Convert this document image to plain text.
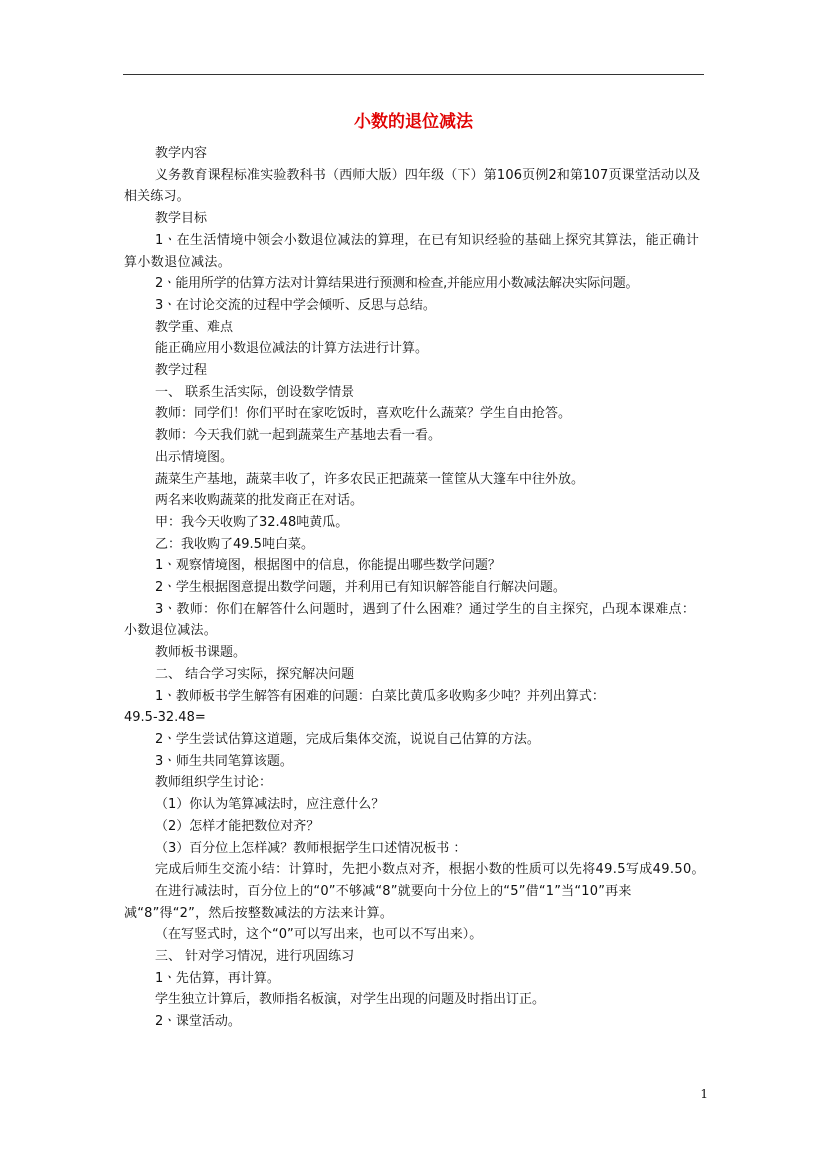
小数的退位减法

教学内容

义务教育课程标准实验教科书（西师大版）四年级（下）第106页例2和第107页课堂活动以及相关练习。

教学目标

1ㆍ在生活情境中领会小数退位减法的算理，在已有知识经验的基础上探究其算法，能正确计算小数退位减法。

2ㆍ能用所学的估算方法对计算结果进行预测和检查,并能应用小数减法解决实际问题。

3ㆍ在讨论交流的过程中学会倾听、反思与总结。

教学重、难点

能正确应用小数退位减法的计算方法进行计算。

教学过程

一、 联系生活实际，创设数学情景

教师：同学们！你们平时在家吃饭时，喜欢吃什么蔬菜？学生自由抢答。

教师：今天我们就一起到蔬菜生产基地去看一看。

出示情境图。

蔬菜生产基地，蔬菜丰收了，许多农民正把蔬菜一筐筐从大篷车中往外放。

两名来收购蔬菜的批发商正在对话。

甲：我今天收购了32.48吨黄瓜。

乙：我收购了49.5吨白菜。

1ㆍ观察情境图，根据图中的信息，你能提出哪些数学问题？

2ㆍ学生根据图意提出数学问题，并利用已有知识解答能自行解决问题。

3ㆍ教师：你们在解答什么问题时，遇到了什么困难？通过学生的自主探究，凸现本课难点：小数退位减法。

教师板书课题。

二、 结合学习实际，探究解决问题

1ㆍ教师板书学生解答有困难的问题：白菜比黄瓜多收购多少吨？并列出算式：

49.5-32.48=

2ㆍ学生尝试估算这道题，完成后集体交流，说说自己估算的方法。

3ㆍ师生共同笔算该题。

教师组织学生讨论：

（1）你认为笔算减法时，应注意什么？

（2）怎样才能把数位对齐？

（3）百分位上怎样减？教师根据学生口述情况板书 ：

完成后师生交流小结：计算时，先把小数点对齐，根据小数的性质可以先将49.5写成49.50。

在进行减法时，百分位上的“0”不够减“8”就要向十分位上的“5”借“1”当“10”再来减“8”得“2”，然后按整数减法的方法来计算。

（在写竖式时，这个“0”可以写出来，也可以不写出来）。

三、 针对学习情况，进行巩固练习

1ㆍ先估算，再计算。

学生独立计算后，教师指名板演，对学生出现的问题及时指出订正。

2ㆍ课堂活动。

1
